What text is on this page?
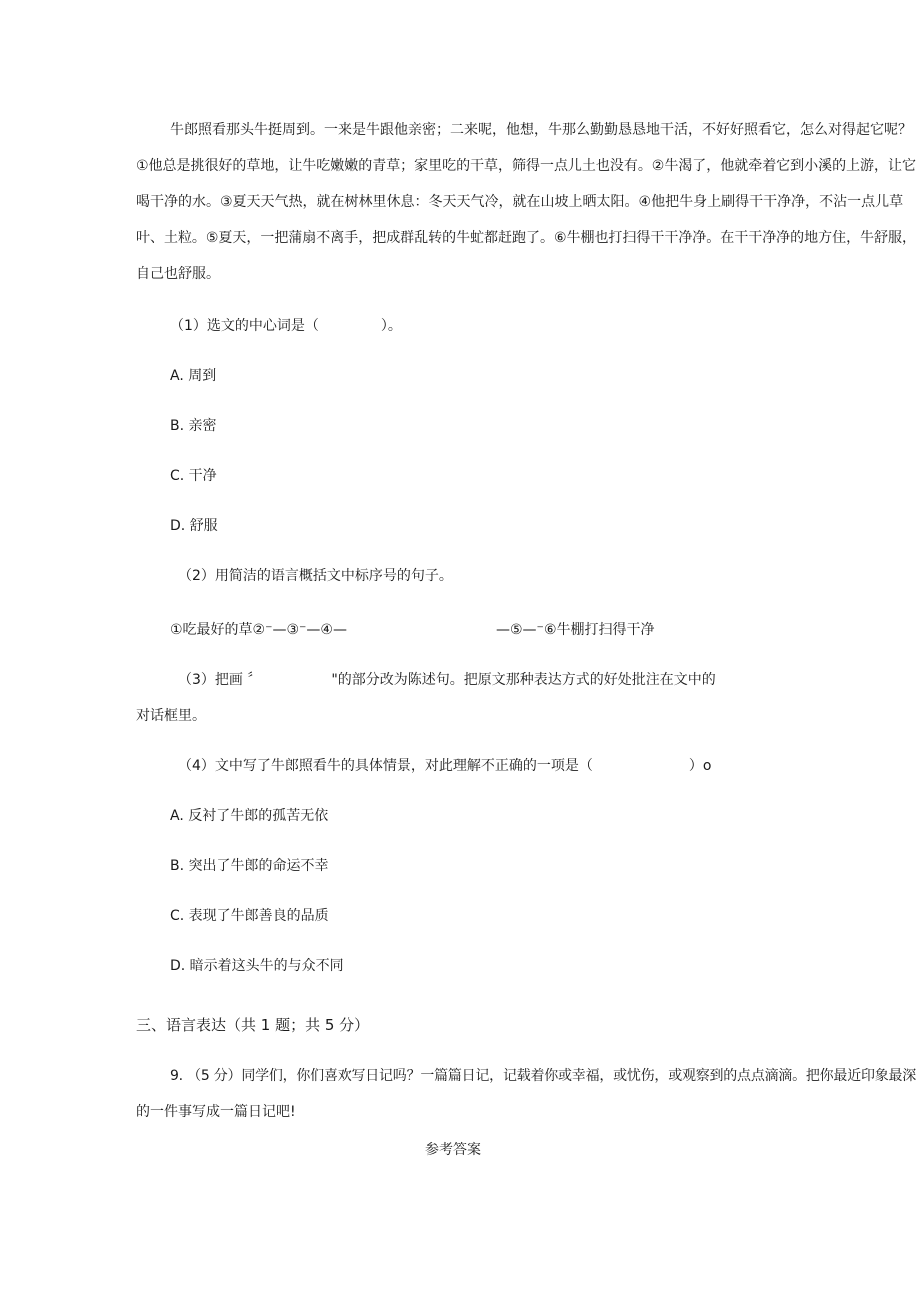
牛郎照看那头牛挺周到。一来是牛跟他亲密；二来呢，他想，牛那么勤勤恳恳地干活，不好好照看它，怎么对得起它呢？
①他总是挑很好的草地，让牛吃嫩嫩的青草；家里吃的干草，筛得一点儿土也没有。②牛渴了，他就牵着它到小溪的上游，让它
喝干净的水。③夏天天气热，就在树林里休息：冬天天气冷，就在山坡上晒太阳。④他把牛身上刷得干干净净，不沾一点儿草
叶、土粒。⑤夏天，一把蒲扇不离手，把成群乱转的牛虻都赶跑了。⑥牛棚也打扫得干干净净。在干干净净的地方住，牛舒服，
自己也舒服。
（1）选文的中心词是（	）。
A. 周到
B. 亲密
C. 干净
D. 舒服
（2）用简洁的语言概括文中标序号的句子。
①吃最好的草②⁻—③⁻—④—	—⑤—⁻⑥牛棚打扫得干净
（3）把画 〞	"的部分改为陈述句。把原文那种表达方式的好处批注在文中的
对话框里。
（4）文中写了牛郎照看牛的具体情景，对此理解不正确的一项是（	）o
A. 反衬了牛郎的孤苦无依
B. 突出了牛郎的命运不幸
C. 表现了牛郎善良的品质
D. 暗示着这头牛的与众不同
三、语言表达（共 1 题；共 5 分）
9. （5 分）同学们，你们喜欢写日记吗？一篇篇日记，记载着你或幸福，或忧伤，或观察到的点点滴滴。把你最近印象最深
的一件事写成一篇日记吧!
参考答案
